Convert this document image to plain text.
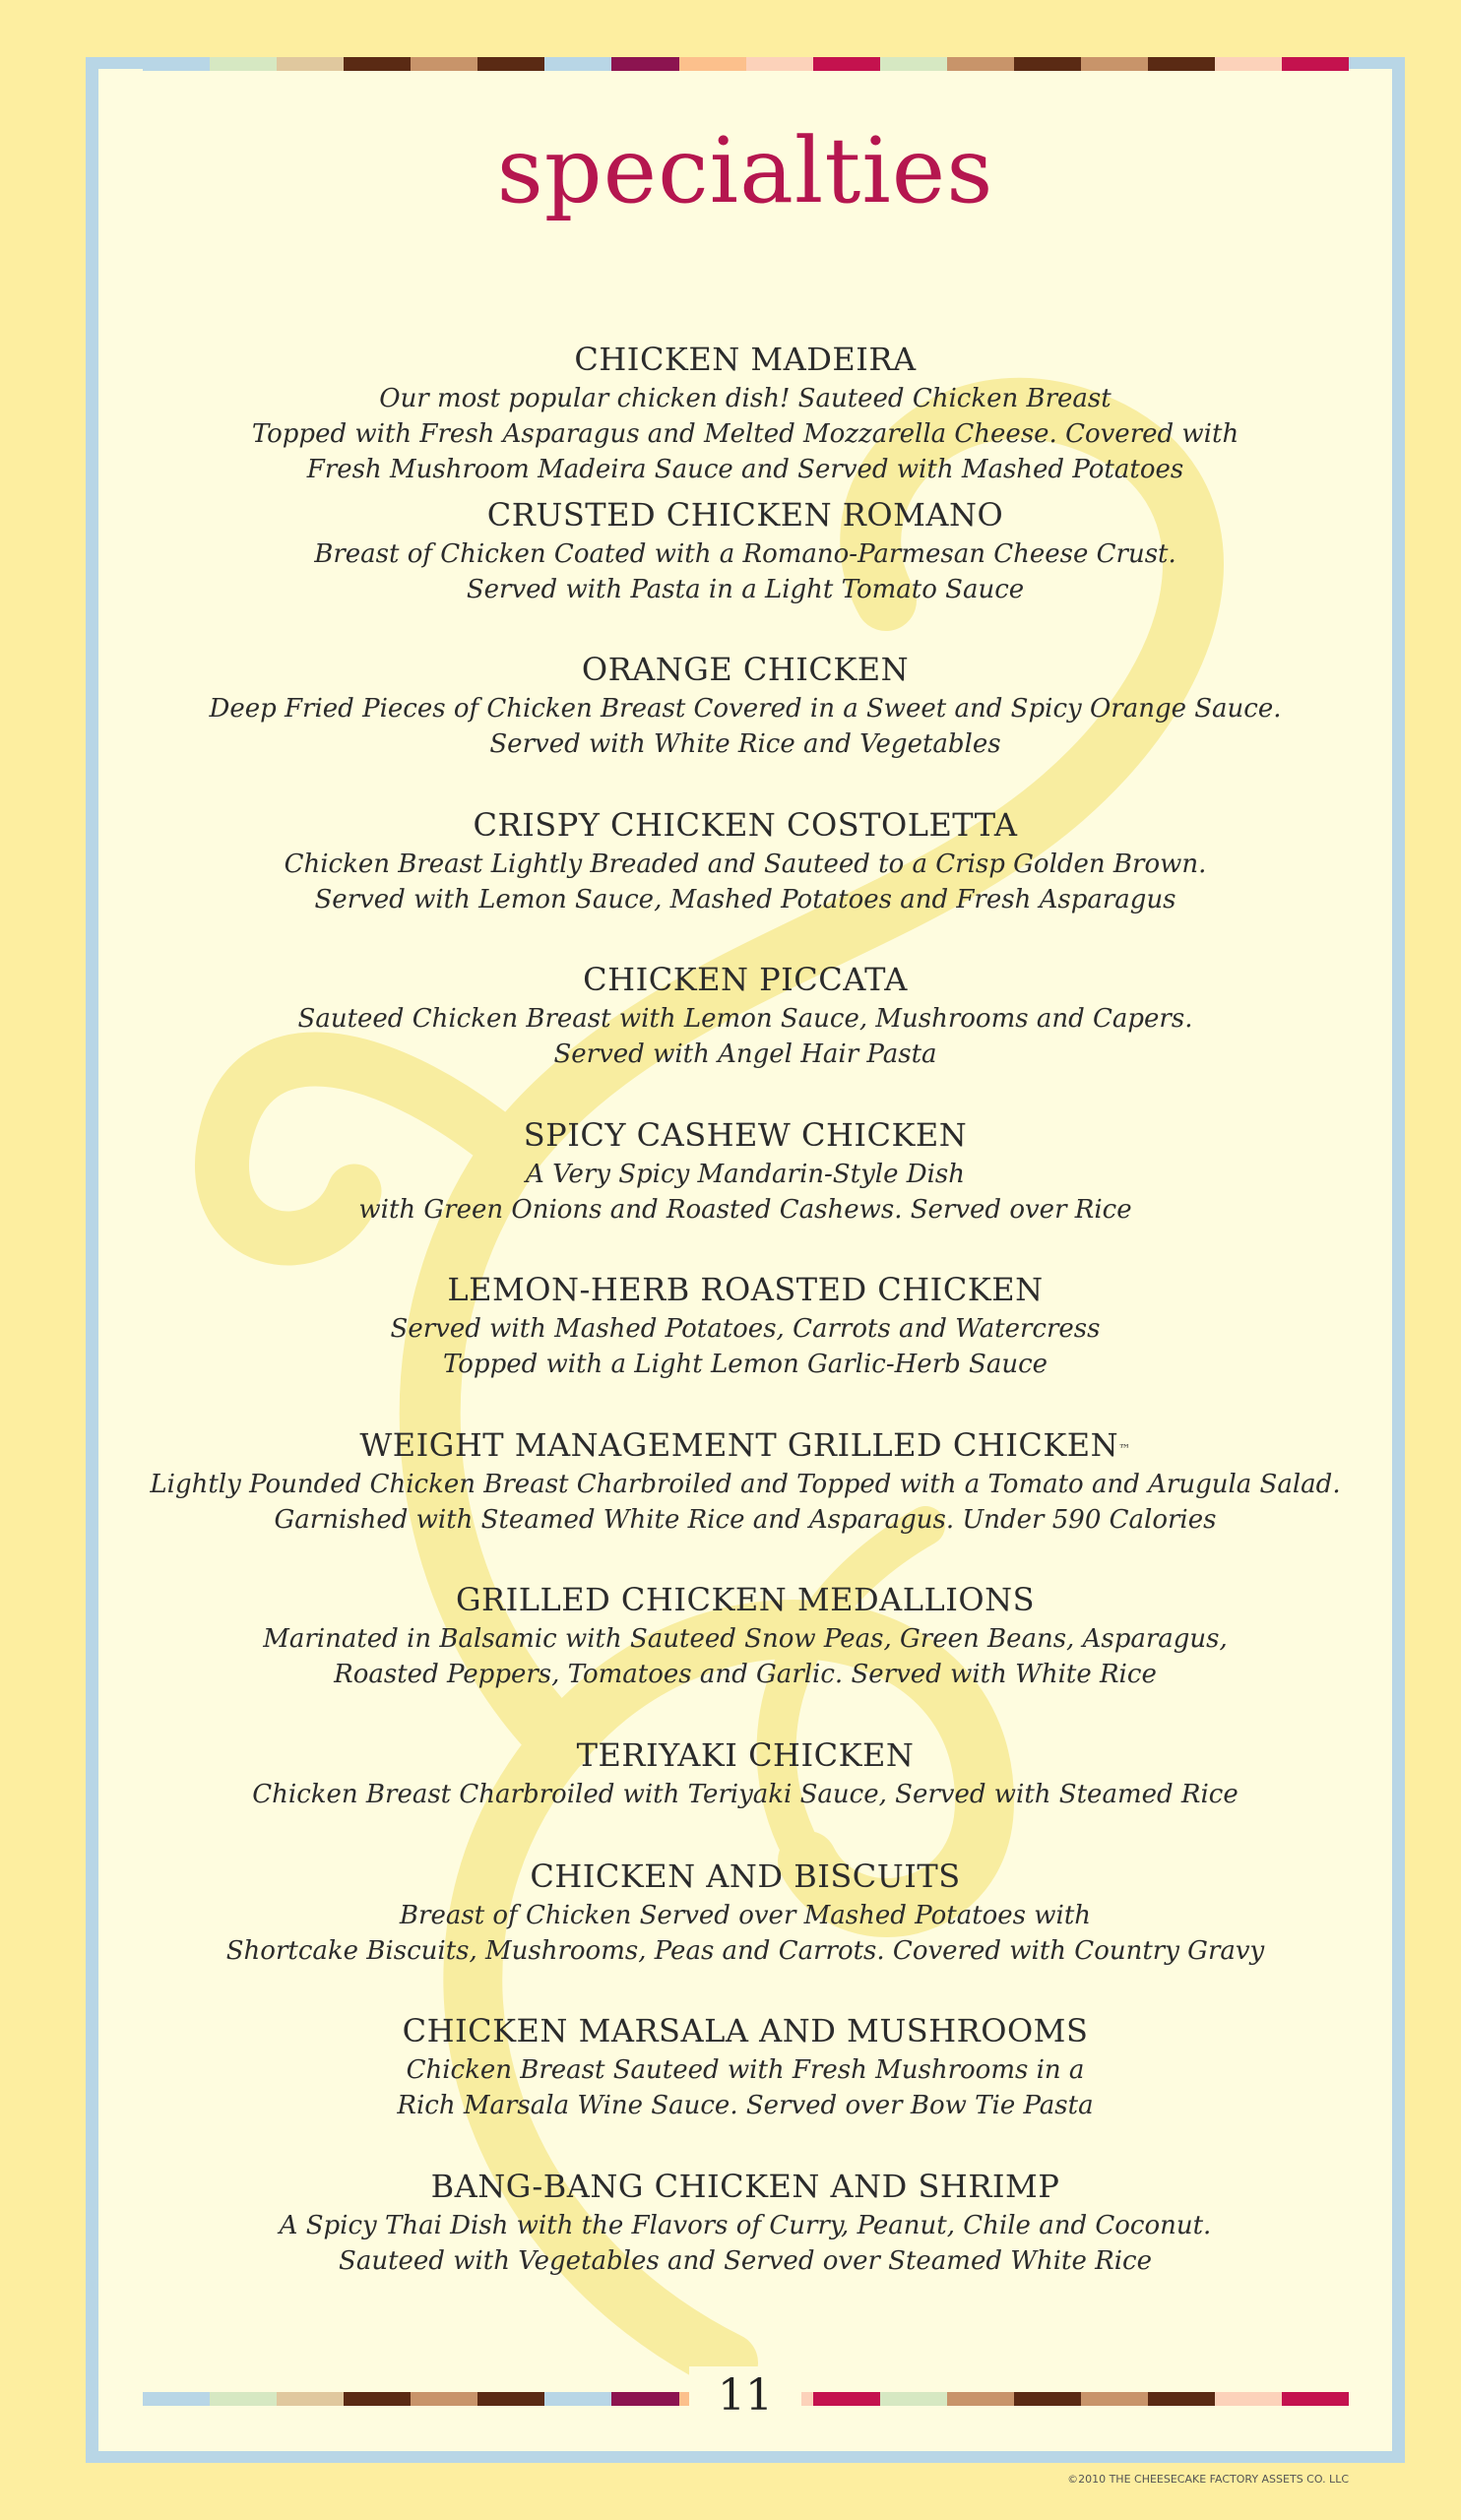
specialties
CHICKEN MADEIRA
Our most popular chicken dish! Sauteed Chicken Breast
Topped with Fresh Asparagus and Melted Mozzarella Cheese. Covered with
Fresh Mushroom Madeira Sauce and Served with Mashed Potatoes
CRUSTED CHICKEN ROMANO
Breast of Chicken Coated with a Romano-Parmesan Cheese Crust.
Served with Pasta in a Light Tomato Sauce
ORANGE CHICKEN
Deep Fried Pieces of Chicken Breast Covered in a Sweet and Spicy Orange Sauce.
Served with White Rice and Vegetables
CRISPY CHICKEN COSTOLETTA
Chicken Breast Lightly Breaded and Sauteed to a Crisp Golden Brown.
Served with Lemon Sauce, Mashed Potatoes and Fresh Asparagus
CHICKEN PICCATA
Sauteed Chicken Breast with Lemon Sauce, Mushrooms and Capers.
Served with Angel Hair Pasta
SPICY CASHEW CHICKEN
A Very Spicy Mandarin-Style Dish
with Green Onions and Roasted Cashews. Served over Rice
LEMON-HERB ROASTED CHICKEN
Served with Mashed Potatoes, Carrots and Watercress
Topped with a Light Lemon Garlic-Herb Sauce
WEIGHT MANAGEMENT GRILLED CHICKEN™
Lightly Pounded Chicken Breast Charbroiled and Topped with a Tomato and Arugula Salad.
Garnished with Steamed White Rice and Asparagus. Under 590 Calories
GRILLED CHICKEN MEDALLIONS
Marinated in Balsamic with Sauteed Snow Peas, Green Beans, Asparagus,
Roasted Peppers, Tomatoes and Garlic. Served with White Rice
TERIYAKI CHICKEN
Chicken Breast Charbroiled with Teriyaki Sauce, Served with Steamed Rice
CHICKEN AND BISCUITS
Breast of Chicken Served over Mashed Potatoes with
Shortcake Biscuits, Mushrooms, Peas and Carrots. Covered with Country Gravy
CHICKEN MARSALA AND MUSHROOMS
Chicken Breast Sauteed with Fresh Mushrooms in a
Rich Marsala Wine Sauce. Served over Bow Tie Pasta
BANG-BANG CHICKEN AND SHRIMP
A Spicy Thai Dish with the Flavors of Curry, Peanut, Chile and Coconut.
Sauteed with Vegetables and Served over Steamed White Rice
11
©2010 THE CHEESECAKE FACTORY ASSETS CO. LLC
